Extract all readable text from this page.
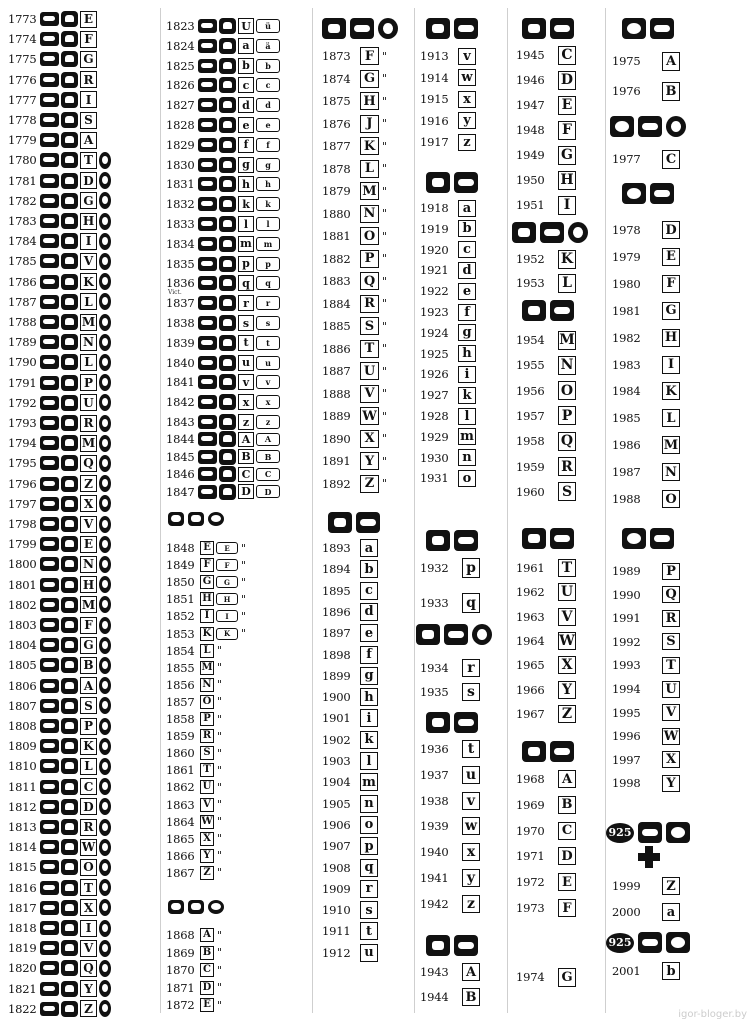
1773	E
1774	F
1775	G
1776	R
1777	I
1778	S
1779	A
1780	T
1781	D
1782	G
1783	H
1784	I
1785	V
1786	K
1787	L
1788	M
1789	N
1790	L
1791	P
1792	U
1793	R
1794	M
1795	Q
1796	Z
1797	X
1798	V
1799	E
1800	N
1801	H
1802	M
1803	F
1804	G
1805	B
1806	A
1807	S
1808	P
1809	K
1810	L
1811	C
1812	D
1813	R
1814	W
1815	O
1816	T
1817	X
1818	I
1819	V
1820	Q
1821	Y
1822	Z
1823	U	ü
1824	a	ä
1825	b	b
1826	c	c
1827	d	d
1828	e	e
1829	f	f
1830	g	g
1831	h	h
1832	k	k
1833	l	l
1834	m	m
1835	p	p
1836	q	q
1837	r	r
1838	s	s
1839	t	t
1840	u	u
1841	v	v
1842	x	x
1843	z	z
1844	A	A
1845	B	B
1846	C	C
1847	D	D
1848 E	E	"
1849 F	F	"
1850 G	G	"
1851 H	H "
1852	I	I	"
1853 K	K "
1854 L "
1855 M "
1856 N "
1857 O "
1858 P "
1859 R "
1860 S "
1861 T "
1862 U "
1863 V "
1864 W "
1865 X "
1866 Y "
1867 Z "
1868 A "
1869 B "
1870 C "
1871 D "
1872 E "
1873	F "
1874	G "
1875 H "
1876	J "
1877	K "
1878	L "
1879 M "
1880	N "
1881	O "
1882	P "
1883	Q "
1884	R "
1885	S "
1886	T "
1887	U "
1888	V "
1889 W "
1890	X "
1891	Y "
1892	Z "
1893	a
1894	b
1895	c
1896	d
1897	e
1898	f
1899	g
1900	h
1901	i
1902	k
1903	l
1904 m
1905	n
1906	o
1907	p
1908	q
1909	r
1910	s
1911	t
1912	u
1913	v
1914 w
1915	x
1916	y
1917	z
1918	a
1919	b
1920	c
1921	d
1922	e
1923	f
1924	g
1925	h
1926	i
1927	k
1928	l
1929 m
1930	n
1931	o
1932	p
1933	q
1934	r
1935	s
1936	t
1937	u
1938	v
1939	w
1940	x
1941	y
1942	z
1943	A
1944	B
1945	C
1946	D
1947	E
1948	F
1949	G
1950	H
1951	I
1952	K
1953	L
1954	M
1955	N
1956	O
1957	P
1958	Q
1959	R
1960	S
1961	T
1962	U
1963	V
1964	W
1965	X
1966	Y
1967	Z
1968	A
1969	B
1970	C
1971	D
1972	E
1973	F
1974	G
1975	A
1976	B
1977	C
1978	D
1979	E
1980	F
1981	G
1982	H
1983	I
1984	K
1985	L
1986	M
1987	N
1988	O
1989	P
1990	Q
1991	R
1992	S
1993	T
1994	U
1995	V
1996	W
1997	X
1998	Y
925
1999	Z
2000	a
925
2001	b
Vict.
igor-bloger.by
